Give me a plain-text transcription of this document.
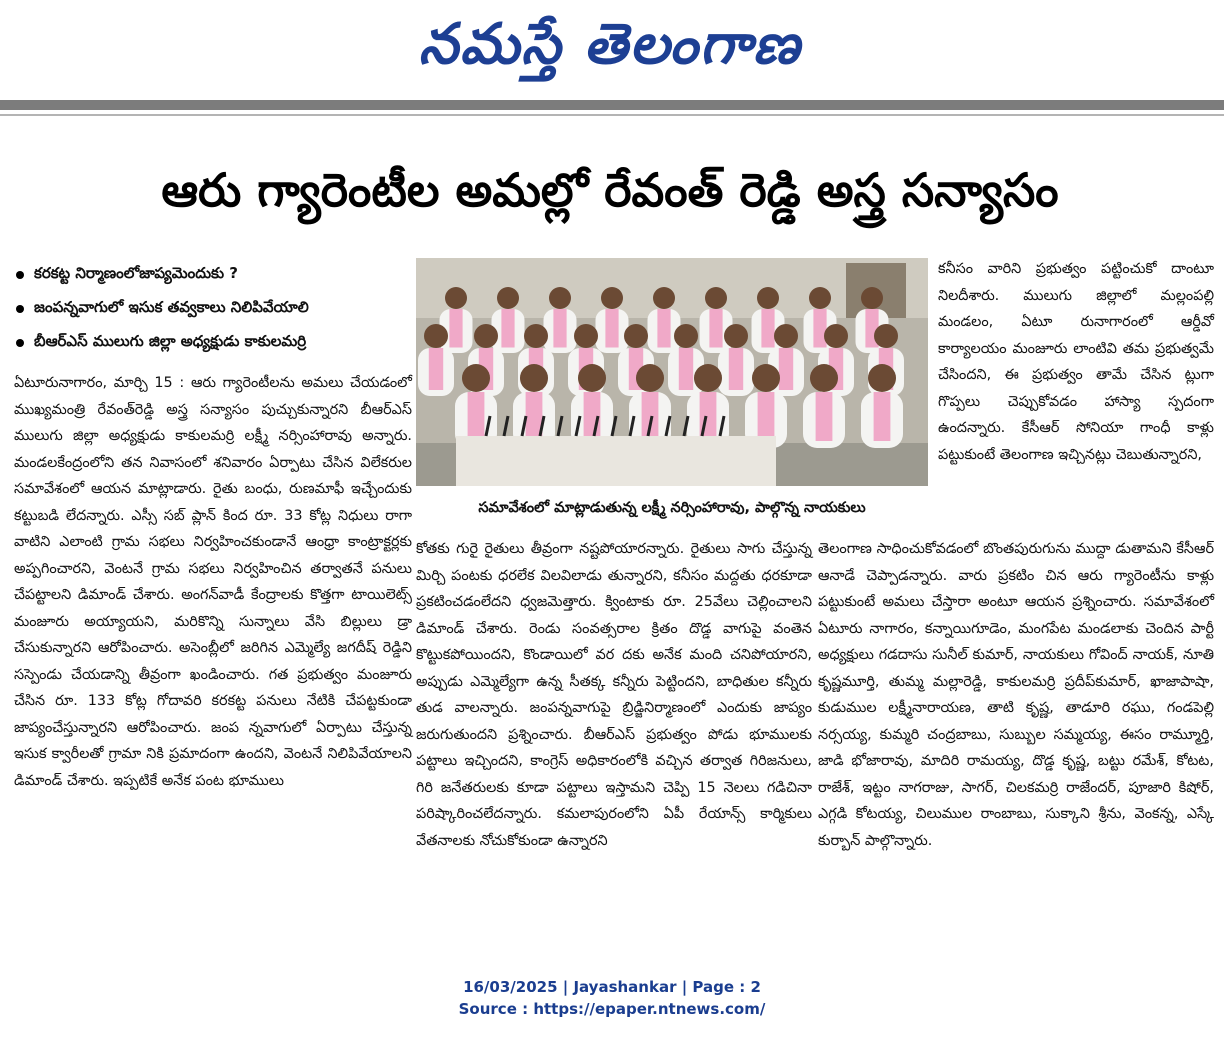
నమస్తే తెలంగాణ
ఆరు గ్యారెంటీల అమల్లో రేవంత్ రెడ్డి అస్త్ర సన్యాసం
కరకట్ట నిర్మాణంలోజాప్యమెందుకు ?
జంపన్నవాగులో ఇసుక తవ్వకాలు నిలిపివేయాలి
బీఆర్ఎస్ ములుగు జిల్లా అధ్యక్షుడు కాకులమర్రి

ఏటూరునాగారం, మార్చి 15 : ఆరు గ్యారెంటీలను అమలు చేయడంలో ముఖ్యమంత్రి రేవంత్‌రెడ్డి అస్త్ర సన్యాసం పుచ్చుకున్నారని బీఆర్ఎస్ ములుగు జిల్లా అధ్యక్షుడు కాకులమర్రి లక్ష్మీ నర్సింహారావు అన్నారు. మండలకేంద్రంలోని తన నివాసంలో శనివారం ఏర్పాటు చేసిన విలేకరుల సమావేశంలో ఆయన మాట్లాడారు. రైతు బంధు, రుణమాఫీ ఇచ్చేందుకు కట్టుబడి లేదన్నారు. ఎస్సీ సబ్ ప్లాన్ కింద రూ. 33 కోట్ల నిధులు రాగా వాటిని ఎలాంటి గ్రామ సభలు నిర్వహించకుండానే ఆంధ్రా కాంట్రాక్టర్లకు అప్పగించారని, వెంటనే గ్రామ సభలు నిర్వహించిన తర్వాతనే పనులు చేపట్టాలని డిమాండ్ చేశారు. అంగన్‌వాడీ కేంద్రాలకు కొత్తగా టాయిలెట్స్ మంజూరు అయ్యాయని, మరికొన్ని సున్నాలు వేసి బిల్లులు డ్రా చేసుకున్నారని ఆరోపించారు. అసెంబ్లీలో జరిగిన ఎమ్మెల్యే జగదీష్ రెడ్డిని సస్పెండు చేయడాన్ని తీవ్రంగా ఖండించారు. గత ప్రభుత్వం మంజూరు చేసిన రూ. 133 కోట్ల గోదావరి కరకట్ట పనులు నేటికి చేపట్టకుండా జాప్యంచేస్తున్నారని ఆరోపించారు. జంప న్నవాగులో ఏర్పాటు చేస్తున్న ఇసుక క్వారీలతో గ్రామా నికి ప్రమాదంగా ఉందని, వెంటనే నిలిపివేయాలని డిమాండ్ చేశారు. ఇప్పటికే అనేక పంట భూములు

సమావేశంలో మాట్లాడుతున్న లక్ష్మీ నర్సింహారావు, పాల్గొన్న నాయకులు

కనీసం వారిని ప్రభుత్వం పట్టించుకో దాంటూ నిలదీశారు. ములుగు జిల్లాలో మల్లంపల్లి మండలం, ఏటూ రునాగారంలో ఆర్డీవో కార్యాలయం మంజూరు లాంటివి తమ ప్రభుత్వమే చేసిందని, ఈ ప్రభుత్వం తామే చేసిన ట్లుగా గొప్పలు చెప్పుకోవడం హాస్యా స్పదంగా ఉందన్నారు. కేసీఆర్ సోనియా గాంధీ కాళ్లు పట్టుకుంటే తెలంగాణ ఇచ్చినట్లు చెబుతున్నారని,

కోతకు గురై రైతులు తీవ్రంగా నష్టపోయారన్నారు. రైతులు సాగు చేస్తున్న మిర్చి పంటకు ధరలేక విలవిలాడు తున్నారని, కనీసం మద్దతు ధరకూడా ప్రకటించడంలేదని ధ్వజమెత్తారు. క్వింటాకు రూ. 25వేలు చెల్లించాలని డిమాండ్ చేశారు. రెండు సంవత్సరాల క్రితం దొడ్డ వాగుపై వంతెన కొట్టుకపోయిందని, కొండాయిలో వర దకు అనేక మంది చనిపోయారని, అప్పుడు ఎమ్మెల్యేగా ఉన్న సీతక్క కన్నీరు పెట్టిందని, బాధితుల కన్నీరు తుడ వాలన్నారు. జంపన్నవాగుపై బ్రిడ్జినిర్మాణంలో ఎందుకు జాప్యం జరుగుతుందని ప్రశ్నించారు. బీఆర్ఎస్ ప్రభుత్వం పోడు భూములకు పట్టాలు ఇచ్చిందని, కాంగ్రెస్ అధికారంలోకి వచ్చిన తర్వాత గిరిజనులు, గిరి జనేతరులకు కూడా పట్టాలు ఇస్తామని చెప్పి 15 నెలలు గడిచినా పరిష్కారించలేదన్నారు. కమలాపురంలోని ఏపీ రేయాన్స్ కార్మికులు వేతనాలకు నోచుకోకుండా ఉన్నారని

తెలంగాణ సాధించుకోవడంలో బొంతపురుగును ముద్దా డుతామని కేసీఆర్ ఆనాడే చెప్పాడన్నారు. వారు ప్రకటిం చిన ఆరు గ్యారెంటీను కాళ్లు పట్టుకుంటే అమలు చేస్తారా అంటూ ఆయన ప్రశ్నించారు. సమావేశంలో ఏటూరు నాగారం, కన్నాయిగూడెం, మంగపేట మండలాకు చెందిన పార్టీ అధ్యక్షులు గడదాసు సునీల్ కుమార్, నాయకులు గోవింద్ నాయక్, నూతి కృష్ణమూర్తి, తుమ్మ మల్లారెడ్డి, కాకులమర్రి ప్రదీప్‌కుమార్, ఖాజాపాషా, కుడుముల లక్ష్మీనారాయణ, తాటి కృష్ణ, తాడూరి రఘు, గండపెల్లి నర్సయ్య, కుమ్మరి చంద్రబాబు, సుబ్బుల సమ్మయ్య, ఈసం రామ్మూర్తి, జాడి భోజారావు, మాదిరి రామయ్య, దొడ్డ కృష్ణ, బట్టు రమేశ్, కోటట, రాజేశ్, ఇట్టం నాగరాజు, సాగర్, చిలకమర్రి రాజేందర్, పూజారి కిషోర్, ఎగ్గడి కోటయ్య, చిలుముల రాంబాబు, సుక్కాని శ్రీను, వెంకన్న, ఎస్కే కుర్బాన్ పాల్గొన్నారు.

16/03/2025 | Jayashankar | Page : 2
Source : https://epaper.ntnews.com/
